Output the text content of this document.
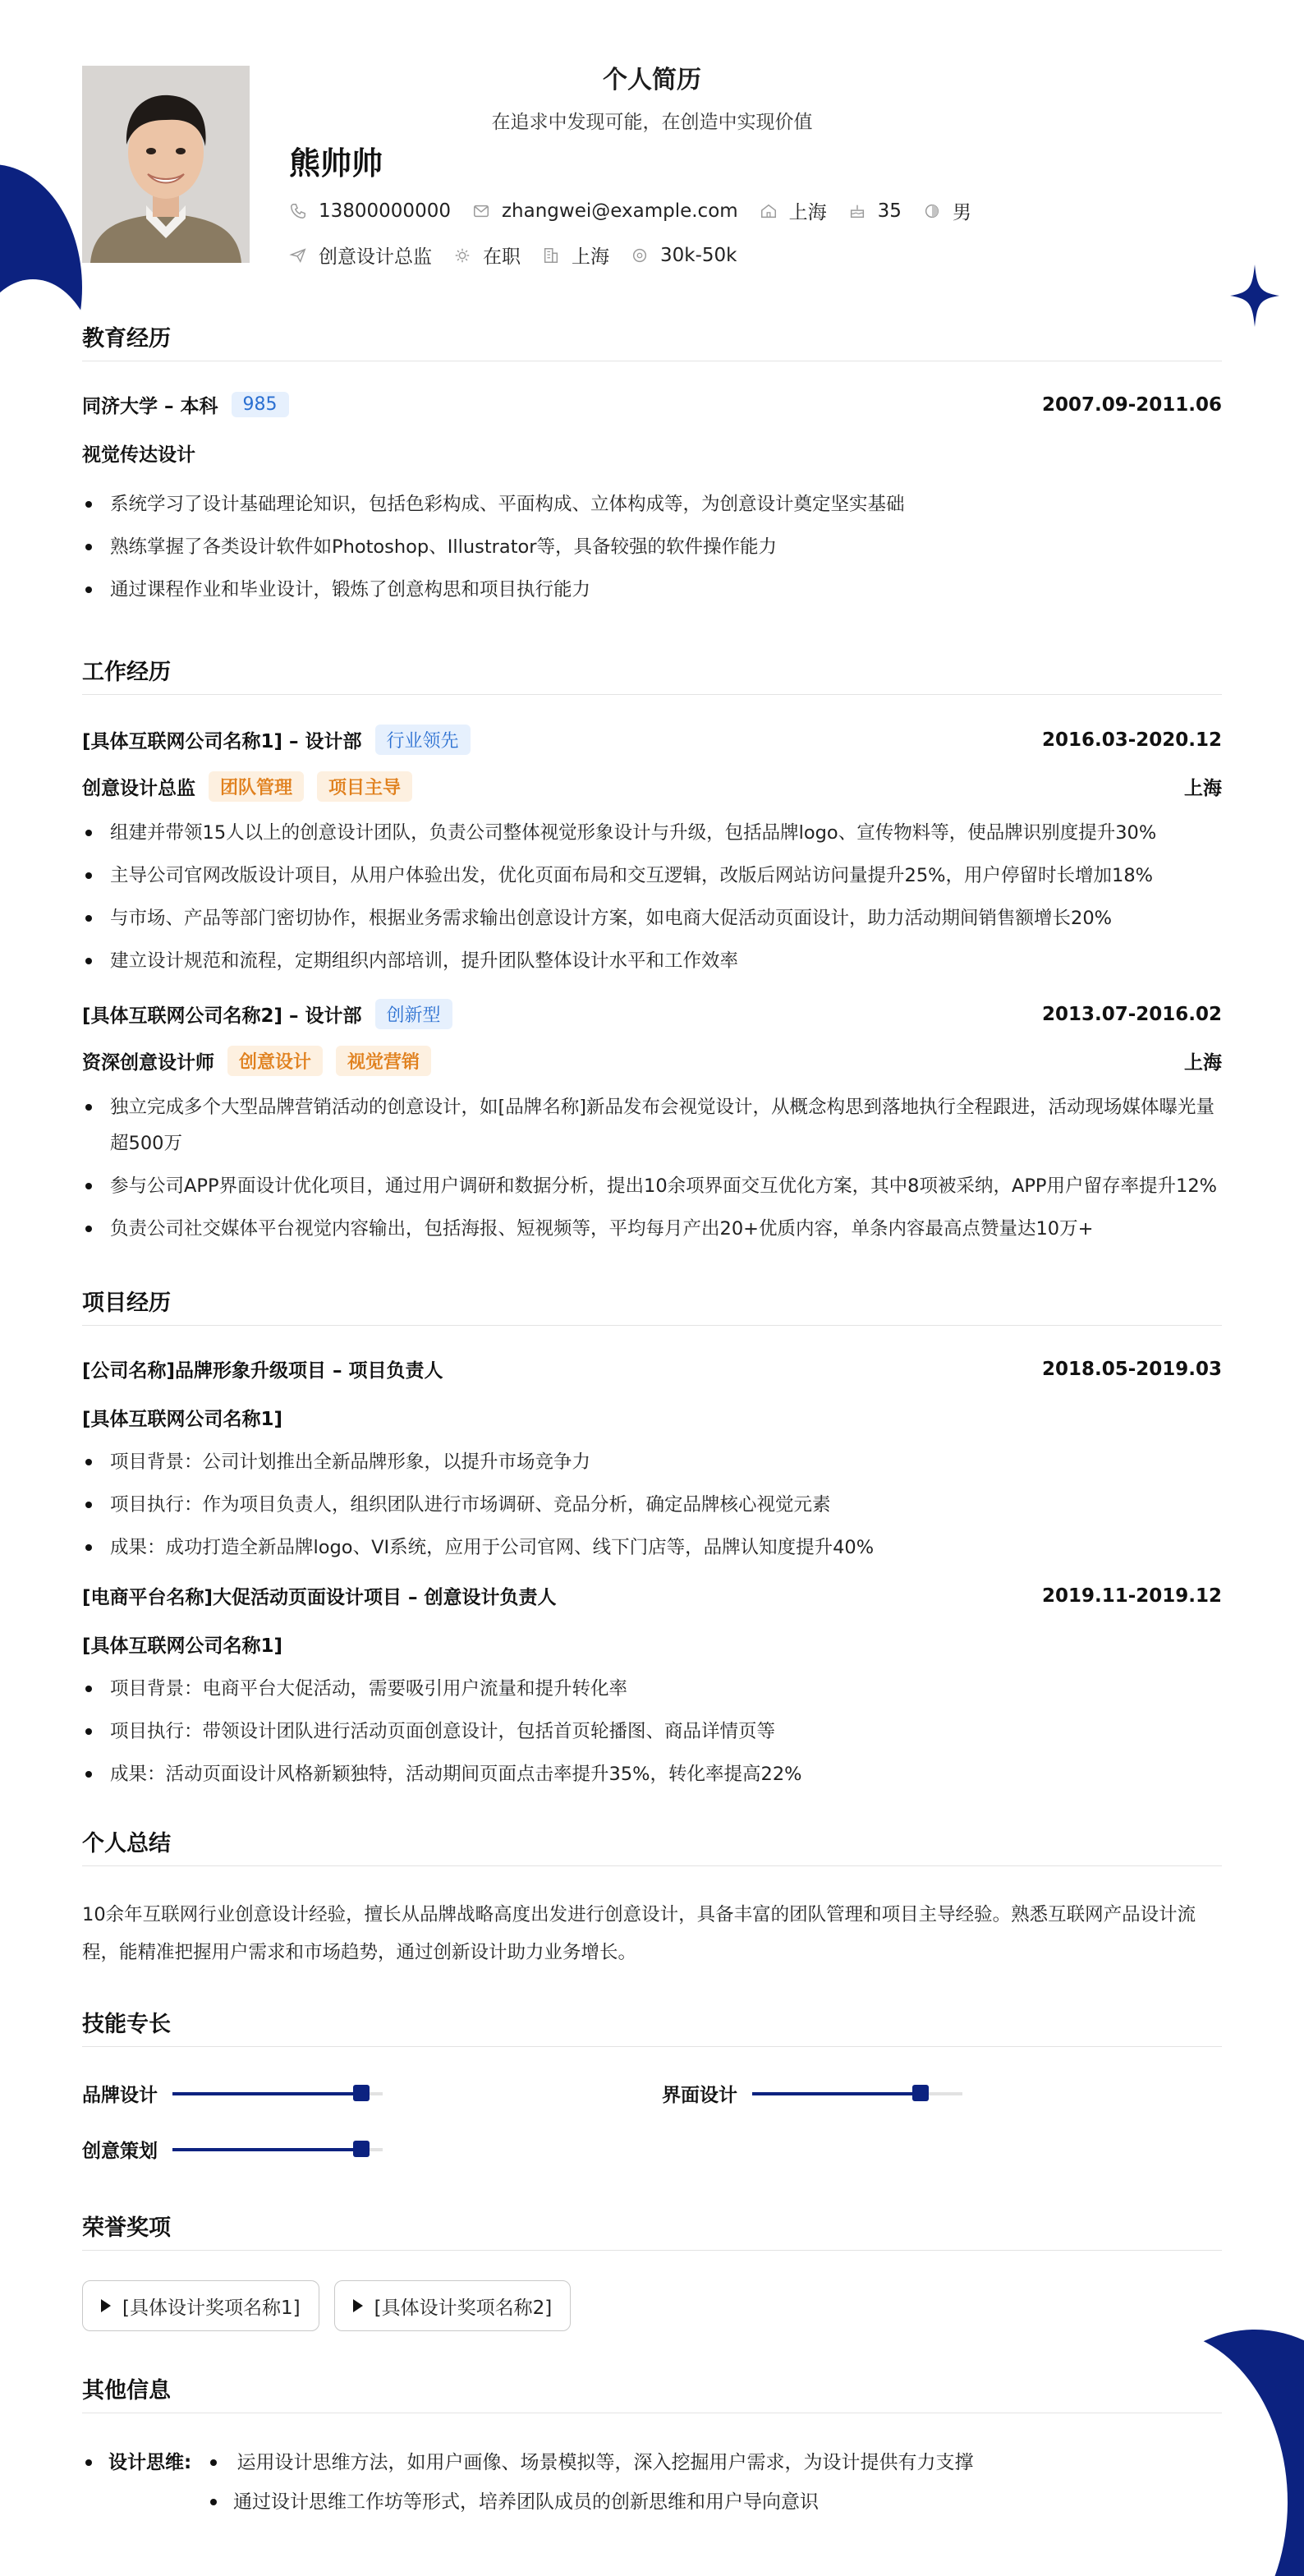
个人简历
在追求中发现可能，在创造中实现价值
熊帅帅
13800000000	zhangwei@example.com	上海	35	男
创意设计总监	在职	上海	30k-50k
教育经历
同济大学 – 本科	985	2007.09-2011.06
视觉传达设计
系统学习了设计基础理论知识，包括色彩构成、平面构成、立体构成等，为创意设计奠定坚实基础
熟练掌握了各类设计软件如Photoshop、Illustrator等，具备较强的软件操作能力
通过课程作业和毕业设计，锻炼了创意构思和项目执行能力
工作经历
[具体互联网公司名称1] – 设计部	行业领先	2016.03-2020.12
创意设计总监	团队管理	项目主导	上海
组建并带领15人以上的创意设计团队，负责公司整体视觉形象设计与升级，包括品牌logo、宣传物料等，使品牌识别度提升30%
主导公司官网改版设计项目，从用户体验出发，优化页面布局和交互逻辑，改版后网站访问量提升25%，用户停留时长增加18%
与市场、产品等部门密切协作，根据业务需求输出创意设计方案，如电商大促活动页面设计，助力活动期间销售额增长20%
建立设计规范和流程，定期组织内部培训，提升团队整体设计水平和工作效率
[具体互联网公司名称2] – 设计部	创新型	2013.07-2016.02
资深创意设计师	创意设计	视觉营销	上海
独立完成多个大型品牌营销活动的创意设计，如[品牌名称]新品发布会视觉设计，从概念构思到落地执行全程跟进，活动现场媒体曝光量超500万
参与公司APP界面设计优化项目，通过用户调研和数据分析，提出10余项界面交互优化方案，其中8项被采纳，APP用户留存率提升12%
负责公司社交媒体平台视觉内容输出，包括海报、短视频等，平均每月产出20+优质内容，单条内容最高点赞量达10万+
项目经历
[公司名称]品牌形象升级项目 – 项目负责人	2018.05-2019.03
[具体互联网公司名称1]
项目背景：公司计划推出全新品牌形象，以提升市场竞争力
项目执行：作为项目负责人，组织团队进行市场调研、竞品分析，确定品牌核心视觉元素
成果：成功打造全新品牌logo、VI系统，应用于公司官网、线下门店等，品牌认知度提升40%
[电商平台名称]大促活动页面设计项目 – 创意设计负责人	2019.11-2019.12
[具体互联网公司名称1]
项目背景：电商平台大促活动，需要吸引用户流量和提升转化率
项目执行：带领设计团队进行活动页面创意设计，包括首页轮播图、商品详情页等
成果：活动页面设计风格新颖独特，活动期间页面点击率提升35%，转化率提高22%
个人总结
10余年互联网行业创意设计经验，擅长从品牌战略高度出发进行创意设计，具备丰富的团队管理和项目主导经验。熟悉互联网产品设计流程，能精准把握用户需求和市场趋势，通过创新设计助力业务增长。
技能专长
品牌设计	界面设计
创意策划
荣誉奖项
[具体设计奖项名称1]	[具体设计奖项名称2]
其他信息
设计思维: 运用设计思维方法，如用户画像、场景模拟等，深入挖掘用户需求，为设计提供有力支撑
通过设计思维工作坊等形式，培养团队成员的创新思维和用户导向意识
